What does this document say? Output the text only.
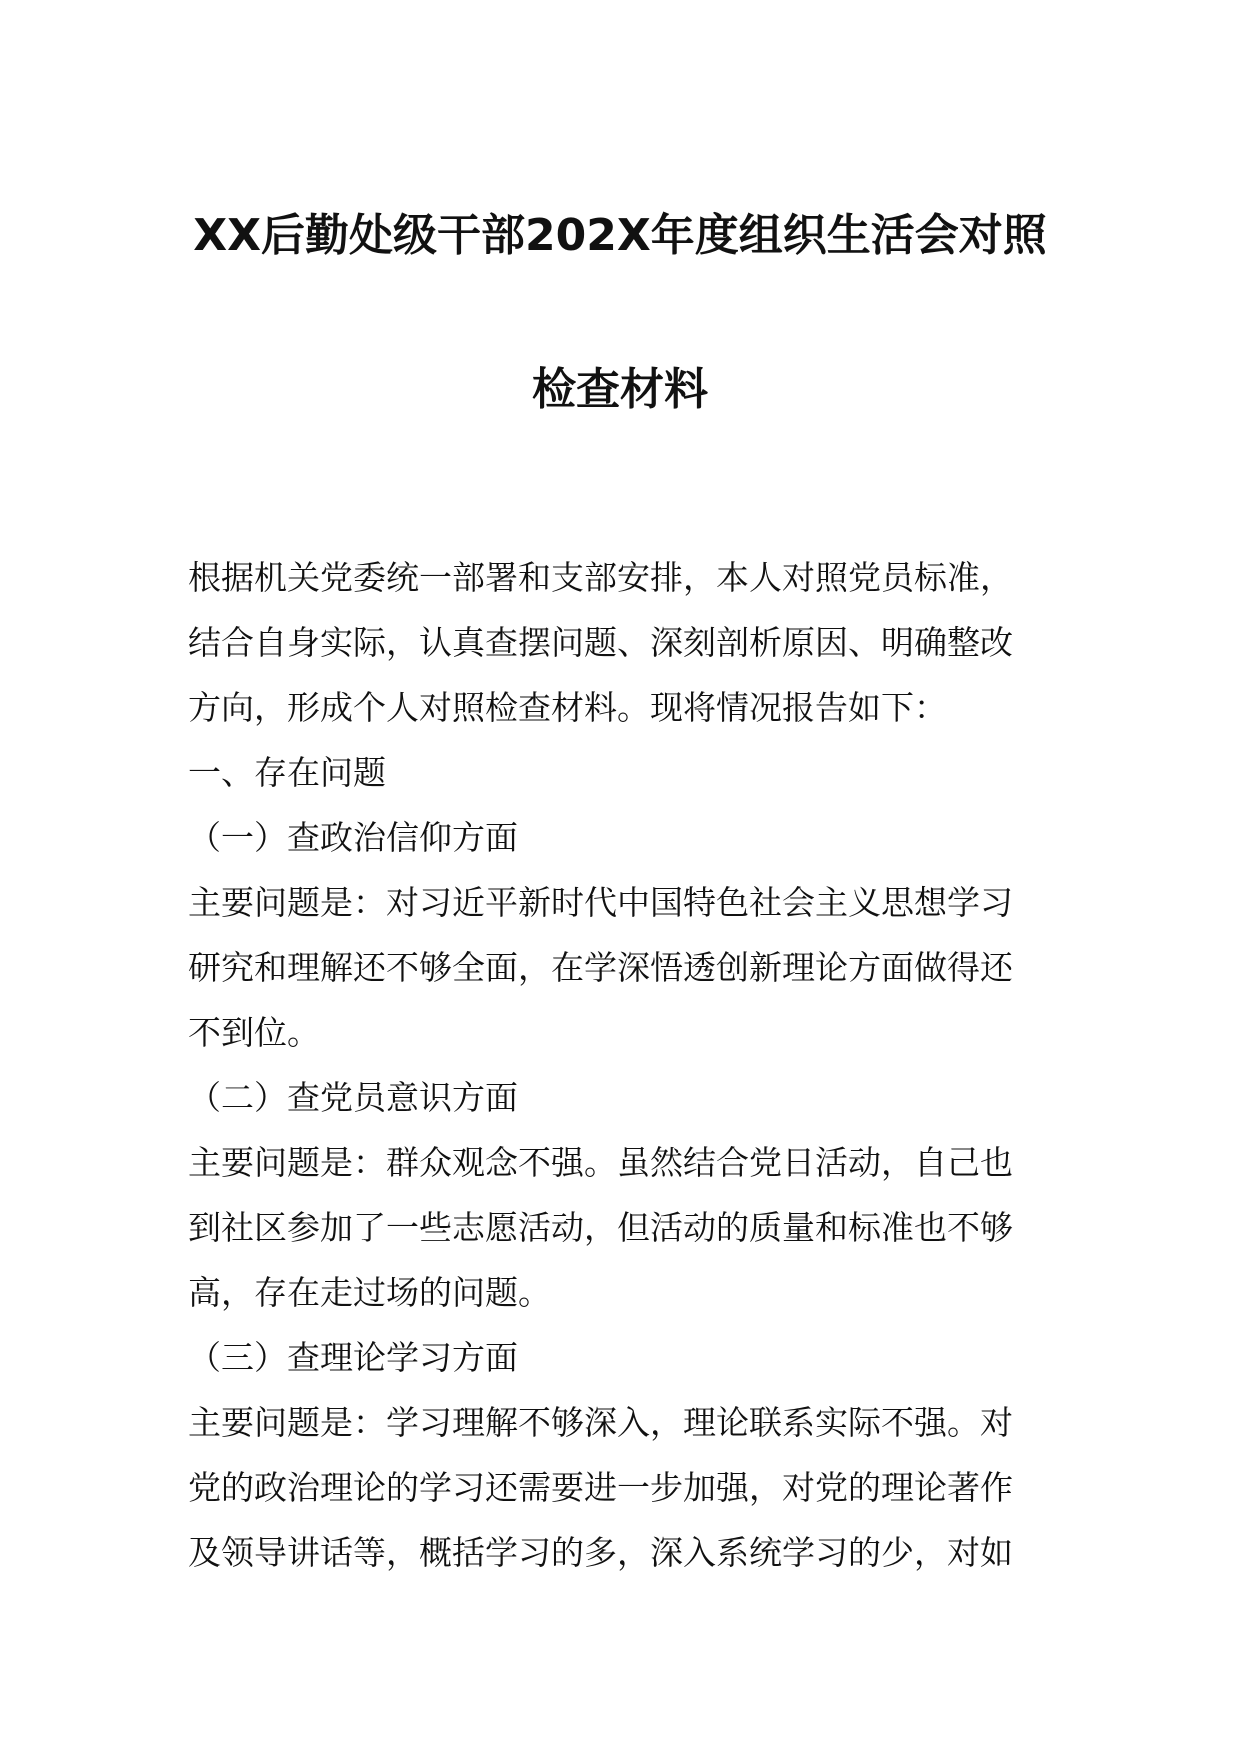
XX后勤处级干部202X年度组织生活会对照
检查材料
根据机关党委统一部署和支部安排，本人对照党员标准，
结合自身实际，认真查摆问题、深刻剖析原因、明确整改
方向，形成个人对照检查材料。现将情况报告如下：
一、存在问题
（一）查政治信仰方面
主要问题是：对习近平新时代中国特色社会主义思想学习
研究和理解还不够全面，在学深悟透创新理论方面做得还
不到位。
（二）查党员意识方面
主要问题是：群众观念不强。虽然结合党日活动，自己也
到社区参加了一些志愿活动，但活动的质量和标准也不够
高，存在走过场的问题。
（三）查理论学习方面
主要问题是：学习理解不够深入，理论联系实际不强。对
党的政治理论的学习还需要进一步加强，对党的理论著作
及领导讲话等，概括学习的多，深入系统学习的少，对如
